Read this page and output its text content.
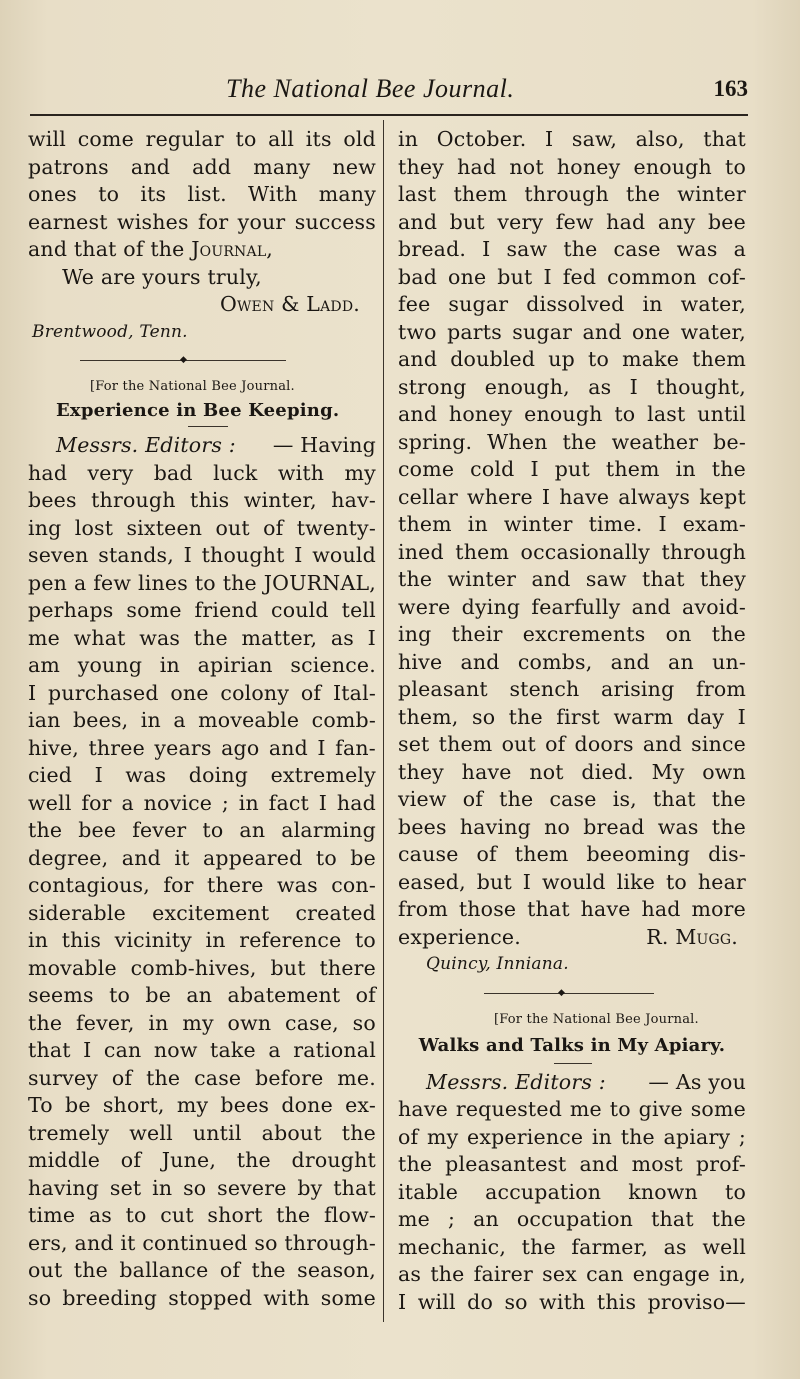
The National Bee Journal.	163
will come regular to all its old
patrons and add many new
ones to its list. With many
earnest wishes for your success
and that of the
Journal,
We are yours truly,
Owen & Ladd.
Brentwood, Tenn.
◆
[For the National Bee Journal.
Experience in Bee Keeping.
Messrs. Editors : — Having
had very bad luck with my
bees through this winter, hav-
ing lost sixteen out of twenty-
seven stands, I thought I would
pen a few lines to the JOURNAL,
perhaps some friend could tell
me what was the matter, as I
am young in apirian science.
I purchased one colony of Ital-
ian bees, in a moveable comb-
hive, three years ago and I fan-
cied I was doing extremely
well for a novice ; in fact I had
the bee fever to an alarming
degree, and it appeared to be
contagious, for there was con-
siderable excitement created
in this vicinity in reference to
movable comb-hives, but there
seems to be an abatement of
the fever, in my own case, so
that I can now take a rational
survey of the case before me.
To be short, my bees done ex-
tremely well until about the
middle of June, the drought
having set in so severe by that
time as to cut short the flow-
ers, and it continued so through-
out the ballance of the season,
so breeding stopped with some
in October. I saw, also, that
they had not honey enough to
last them through the winter
and but very few had any bee
bread. I saw the case was a
bad one but I fed common cof-
fee sugar dissolved in water,
two parts sugar and one water,
and doubled up to make them
strong enough, as I thought,
and honey enough to last until
spring. When the weather be-
come cold I put them in the
cellar where I have always kept
them in winter time. I exam-
ined them occasionally through
the winter and saw that they
were dying fearfully and avoid-
ing their excrements on the
hive and combs, and an un-
pleasant stench arising from
them, so the first warm day I
set them out of doors and since
they have not died. My own
view of the case is, that the
bees having no bread was the
cause of them beeoming dis-
eased, but I would like to hear
from those that have had more
experience.	R. Mugg.
Quincy, Inniana.
◆
[For the National Bee Journal.
Walks and Talks in My Apiary.
Messrs. Editors : — As you
have requested me to give some
of my experience in the apiary ;
the pleasantest and most prof-
itable accupation known to
me ; an occupation that the
mechanic, the farmer, as well
as the fairer sex can engage in,
I will do so with this proviso—
